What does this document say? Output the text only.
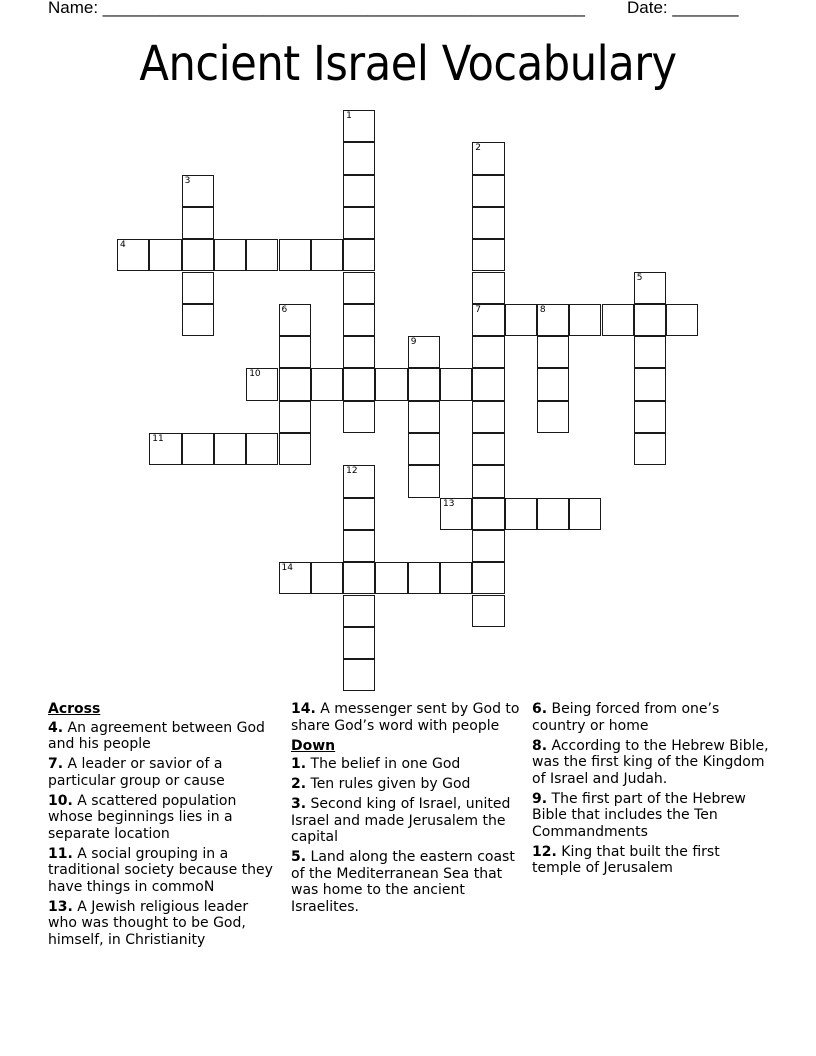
Name: ___________________________________________________ Date: _______
Ancient Israel Vocabulary
1
2
7
3
4
5
6	8
9
10
11
12
13
14
Across
4. An agreement between God and his people
7. A leader or savior of a particular group or cause
10. A scattered population whose beginnings lies in a separate location
11. A social grouping in a traditional society because they have things in commoN
13. A Jewish religious leader who was thought to be God, himself, in Christianity
14. A messenger sent by God to share God’s word with people
Down
1. The belief in one God
2. Ten rules given by God
3. Second king of Israel, united Israel and made Jerusalem the capital
5. Land along the eastern coast of the Mediterranean Sea that was home to the ancient Israelites.
6. Being forced from one’s country or home
8. According to the Hebrew Bible, was the first king of the Kingdom of Israel and Judah.
9. The first part of the Hebrew Bible that includes the Ten Commandments
12. King that built the first temple of Jerusalem
